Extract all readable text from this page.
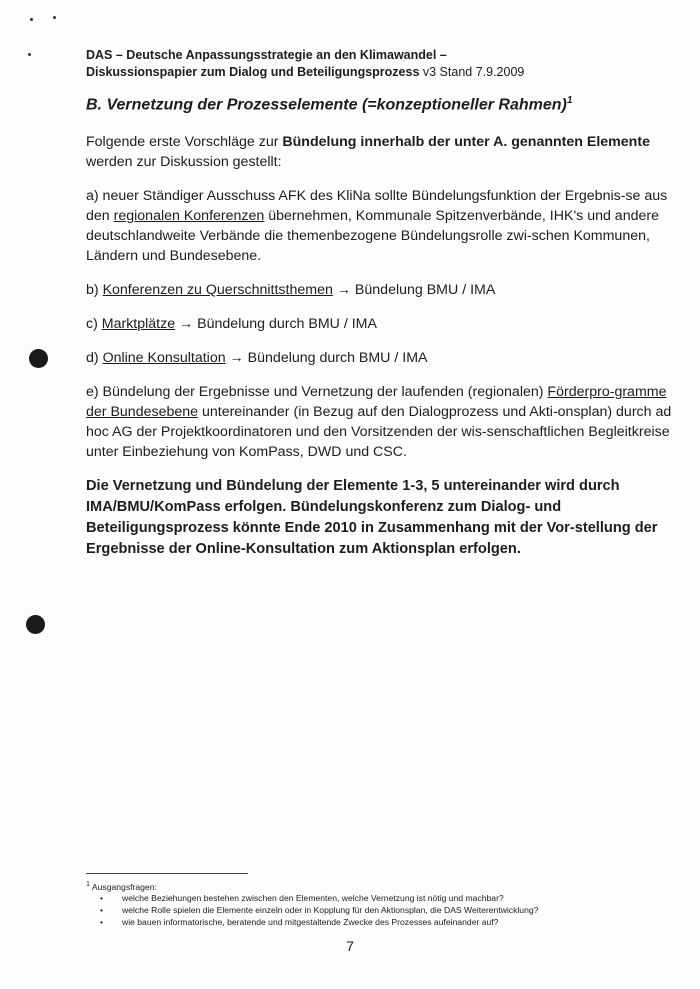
DAS – Deutsche Anpassungsstrategie an den Klimawandel –
Diskussionspapier zum Dialog und Beteiligungsprozess v3 Stand 7.9.2009
B. Vernetzung der Prozesselemente (=konzeptioneller Rahmen)$^1$

Folgende erste Vorschläge zur Bündelung innerhalb der unter A. genannten Elemente werden zur Diskussion gestellt:

a) neuer Ständiger Ausschuss AFK des KliNa sollte Bündelungsfunktion der Ergebnis-se aus den regionalen Konferenzen übernehmen, Kommunale Spitzenverbände, IHK's und andere deutschlandweite Verbände die themenbezogene Bündelungsrolle zwi-schen Kommunen, Ländern und Bundesebene.

b) Konferenzen zu Querschnittsthemen → Bündelung BMU / IMA

c) Marktplätze → Bündelung durch BMU / IMA

d) Online Konsultation → Bündelung durch BMU / IMA

e) Bündelung der Ergebnisse und Vernetzung der laufenden (regionalen) Förderpro-gramme der Bundesebene untereinander (in Bezug auf den Dialogprozess und Akti-onsplan) durch ad hoc AG der Projektkoordinatoren und den Vorsitzenden der wis-senschaftlichen Begleitkreise unter Einbeziehung von KomPass, DWD und CSC.

Die Vernetzung und Bündelung der Elemente 1-3, 5 untereinander wird durch IMA/BMU/KomPass erfolgen. Bündelungskonferenz zum Dialog- und Beteiligungsprozess könnte Ende 2010 in Zusammenhang mit der Vor-stellung der Ergebnisse der Online-Konsultation zum Aktionsplan erfolgen.

$^1$ Ausgangsfragen:
• welche Beziehungen bestehen zwischen den Elementen, welche Vernetzung ist nötig und machbar?
• welche Rolle spielen die Elemente einzeln oder in Kopplung für den Aktionsplan, die DAS Weiterentwicklung?
• wie bauen informatorische, beratende und mitgestaltende Zwecke des Prozesses aufeinander auf?
7
